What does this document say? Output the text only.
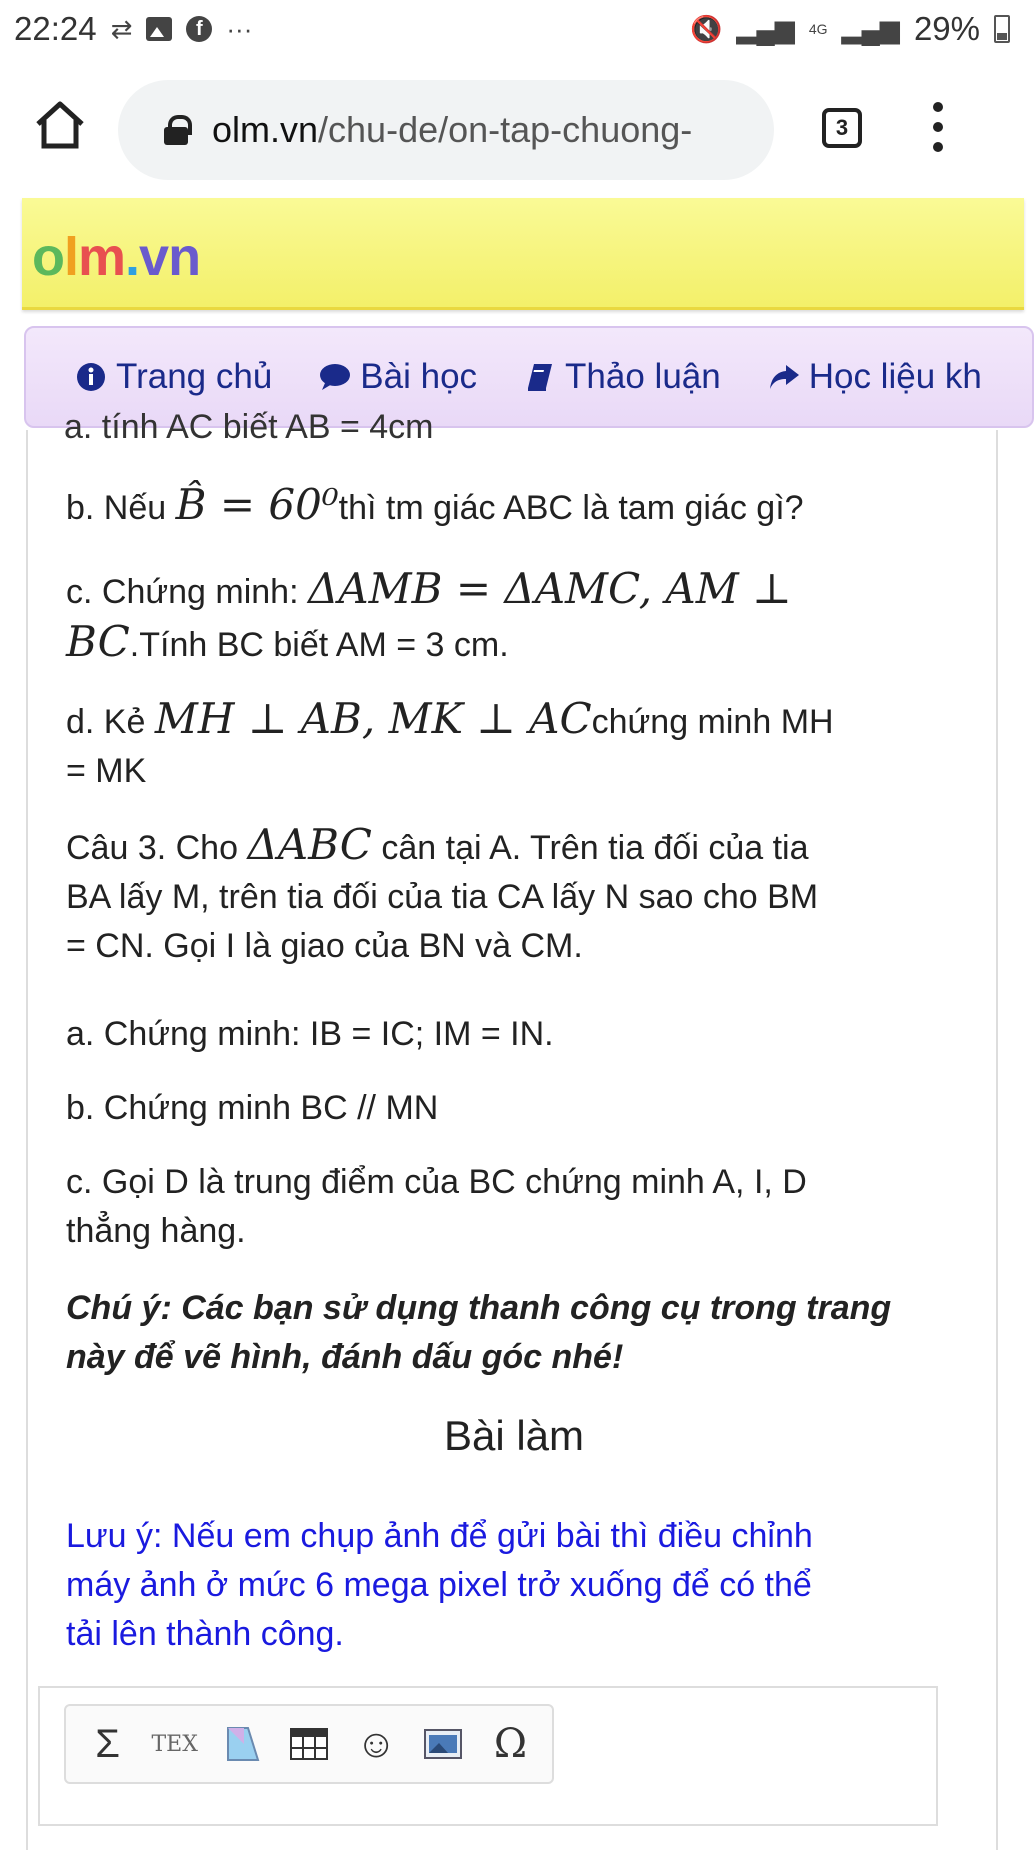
22:24 ⇄	f ···	🔇 ▂▄▆ 4G ▂▄▆ 29%
olm.vn/chu-de/on-tap-chuong-	3
olm.vn
Trang chủ	Bài học	Thảo luận	Học liệu kh
a. tính AC biết AB = 4cm
b. Nếu B̂ = 60⁰thì tm giác ABC là tam giác gì?
c. Chứng minh: ΔAMB = ΔAMC, AM ⊥
BC.Tính BC biết AM = 3 cm.
d. Kẻ MH ⊥ AB, MK ⊥ ACchứng minh MH
= MK
Câu 3. Cho ΔABC cân tại A. Trên tia đối của tia
BA lấy M, trên tia đối của tia CA lấy N sao cho BM
= CN. Gọi I là giao của BN và CM.
a. Chứng minh: IB = IC; IM = IN.
b. Chứng minh BC // MN
c. Gọi D là trung điểm của BC chứng minh A, I, D
thẳng hàng.
Chú ý: Các bạn sử dụng thanh công cụ trong trang
này để vẽ hình, đánh dấu góc nhé!
Bài làm
Lưu ý: Nếu em chụp ảnh để gửi bài thì điều chỉnh
máy ảnh ở mức 6 mega pixel trở xuống để có thể
tải lên thành công.
Σ TEX	☺ Ω
